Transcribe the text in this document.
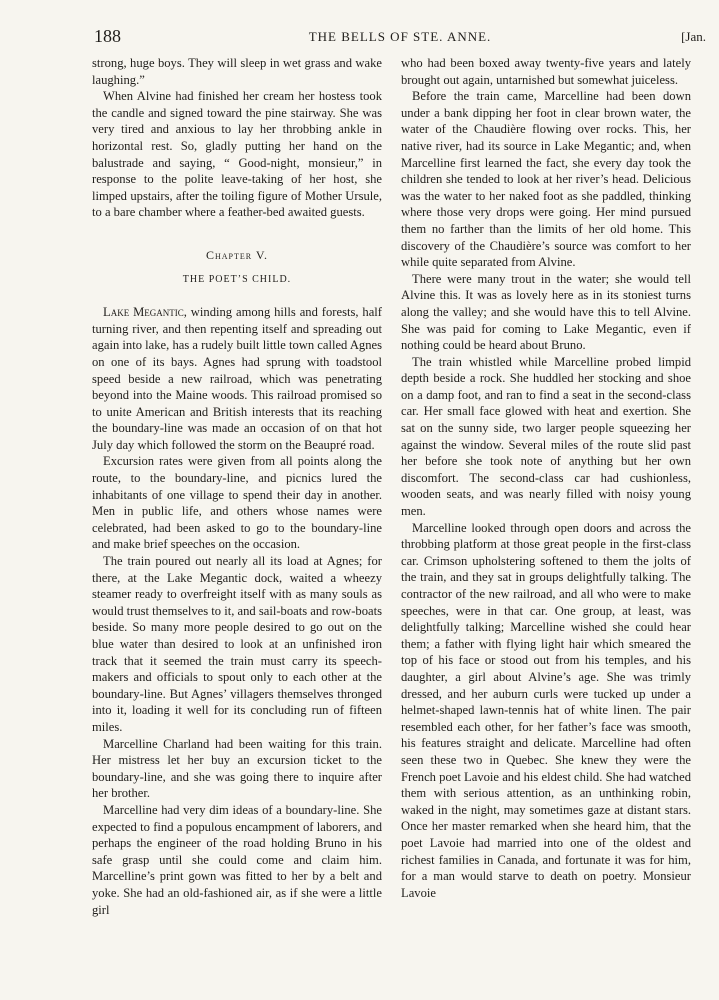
188	THE BELLS OF STE. ANNE.	[Jan.

strong, huge boys. They will sleep in wet grass and wake laughing.”

When Alvine had finished her cream her hostess took the candle and signed toward the pine stairway. She was very tired and anxious to lay her throbbing ankle in horizontal rest. So, gladly putting her hand on the balustrade and saying, “ Good-night, monsieur,” in response to the polite leave-taking of her host, she limped upstairs, after the toiling figure of Mother Ursule, to a bare chamber where a feather-bed awaited guests.

Chapter V.
THE POET’S CHILD.

Lake Megantic, winding among hills and forests, half turning river, and then repenting itself and spreading out again into lake, has a rudely built little town called Agnes on one of its bays. Agnes had sprung with toadstool speed beside a new railroad, which was penetrating beyond into the Maine woods. This railroad promised so to unite American and British interests that its reaching the boundary-line was made an occasion of on that hot July day which followed the storm on the Beaupré road.

Excursion rates were given from all points along the route, to the boundary-line, and picnics lured the inhabitants of one village to spend their day in another. Men in public life, and others whose names were celebrated, had been asked to go to the boundary-line and make brief speeches on the occasion.

The train poured out nearly all its load at Agnes; for there, at the Lake Megantic dock, waited a wheezy steamer ready to overfreight itself with as many souls as would trust themselves to it, and sail-boats and row-boats beside. So many more people desired to go out on the blue water than desired to look at an unfinished iron track that it seemed the train must carry its speech-makers and officials to spout only to each other at the boundary-line. But Agnes’ villagers themselves thronged into it, loading it well for its concluding run of fifteen miles.

Marcelline Charland had been waiting for this train. Her mistress let her buy an excursion ticket to the boundary-line, and she was going there to inquire after her brother.

Marcelline had very dim ideas of a boundary-line. She expected to find a populous encampment of laborers, and perhaps the engineer of the road holding Bruno in his safe grasp until she could come and claim him. Marcelline’s print gown was fitted to her by a belt and yoke. She had an old-fashioned air, as if she were a little girl

who had been boxed away twenty-five years and lately brought out again, untarnished but somewhat juiceless.

Before the train came, Marcelline had been down under a bank dipping her foot in clear brown water, the water of the Chaudière flowing over rocks. This, her native river, had its source in Lake Megantic; and, when Marcelline first learned the fact, she every day took the children she tended to look at her river’s head. Delicious was the water to her naked foot as she paddled, thinking where those very drops were going. Her mind pursued them no farther than the limits of her old home. This discovery of the Chaudière’s source was comfort to her while quite separated from Alvine.

There were many trout in the water; she would tell Alvine this. It was as lovely here as in its stoniest turns along the valley; and she would have this to tell Alvine. She was paid for coming to Lake Megantic, even if nothing could be heard about Bruno.

The train whistled while Marcelline probed limpid depth beside a rock. She huddled her stocking and shoe on a damp foot, and ran to find a seat in the second-class car. Her small face glowed with heat and exertion. She sat on the sunny side, two larger people squeezing her against the window. Several miles of the route slid past her before she took note of anything but her own discomfort. The second-class car had cushionless, wooden seats, and was nearly filled with noisy young men.

Marcelline looked through open doors and across the throbbing platform at those great people in the first-class car. Crimson upholstering softened to them the jolts of the train, and they sat in groups delightfully talking. The contractor of the new railroad, and all who were to make speeches, were in that car. One group, at least, was delightfully talking; Marcelline wished she could hear them; a father with flying light hair which smeared the top of his face or stood out from his temples, and his daughter, a girl about Alvine’s age. She was trimly dressed, and her auburn curls were tucked up under a helmet-shaped lawn-tennis hat of white linen. The pair resembled each other, for her father’s face was smooth, his features straight and delicate. Marcelline had often seen these two in Quebec. She knew they were the French poet Lavoie and his eldest child. She had watched them with serious attention, as an unthinking robin, waked in the night, may sometimes gaze at distant stars. Once her master remarked when she heard him, that the poet Lavoie had married into one of the oldest and richest families in Canada, and fortunate it was for him, for a man would starve to death on poetry. Monsieur Lavoie
